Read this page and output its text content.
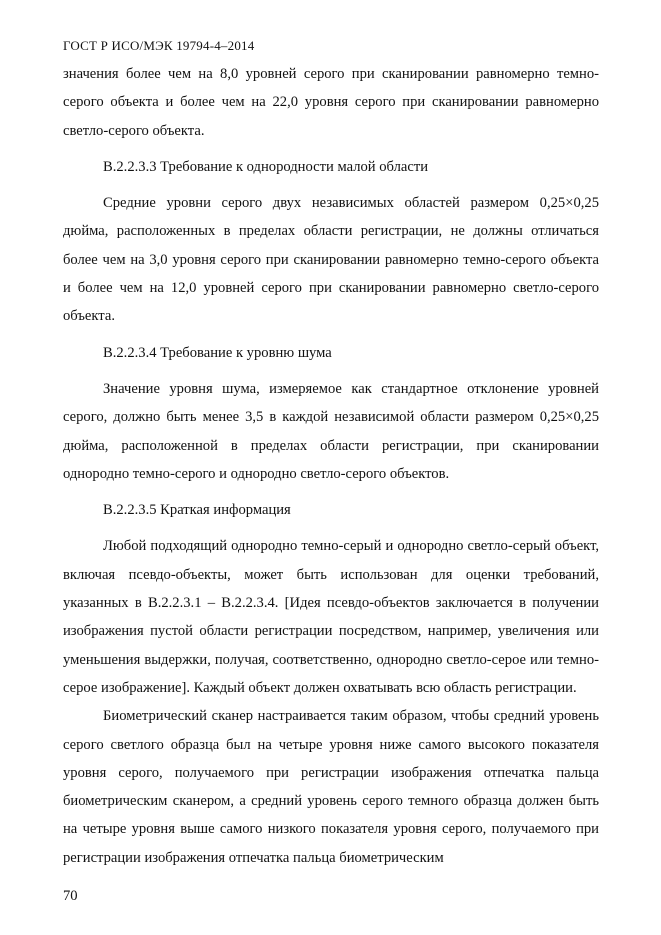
ГОСТ Р ИСО/МЭК 19794-4–2014

значения более чем на 8,0 уровней серого при сканировании равномерно темно-серого объекта и более чем на 22,0 уровня серого при сканировании равномерно светло-серого объекта.

В.2.2.3.3 Требование к однородности малой области

Средние уровни серого двух независимых областей размером 0,25×0,25 дюйма, расположенных в пределах области регистрации, не должны отличаться более чем на 3,0 уровня серого при сканировании равномерно темно-серого объекта и более чем на 12,0 уровней серого при сканировании равномерно светло-серого объекта.

В.2.2.3.4 Требование к уровню шума

Значение уровня шума, измеряемое как стандартное отклонение уровней серого, должно быть менее 3,5 в каждой независимой области размером 0,25×0,25 дюйма, расположенной в пределах области регистрации, при сканировании однородно темно-серого и однородно светло-серого объектов.

В.2.2.3.5 Краткая информация

Любой подходящий однородно темно-серый и однородно светло-серый объект, включая псевдо-объекты, может быть использован для оценки требований, указанных в В.2.2.3.1 – В.2.2.3.4. [Идея псевдо-объектов заключается в получении изображения пустой области регистрации посредством, например, увеличения или уменьшения выдержки, получая, соответственно, однородно светло-серое или темно-серое изображение]. Каждый объект должен охватывать всю область регистрации.

Биометрический сканер настраивается таким образом, чтобы средний уровень серого светлого образца был на четыре уровня ниже самого высокого показателя уровня серого, получаемого при регистрации изображения отпечатка пальца биометрическим сканером, а средний уровень серого темного образца должен быть на четыре уровня выше самого низкого показателя уровня серого, получаемого при регистрации изображения отпечатка пальца биометрическим

70
